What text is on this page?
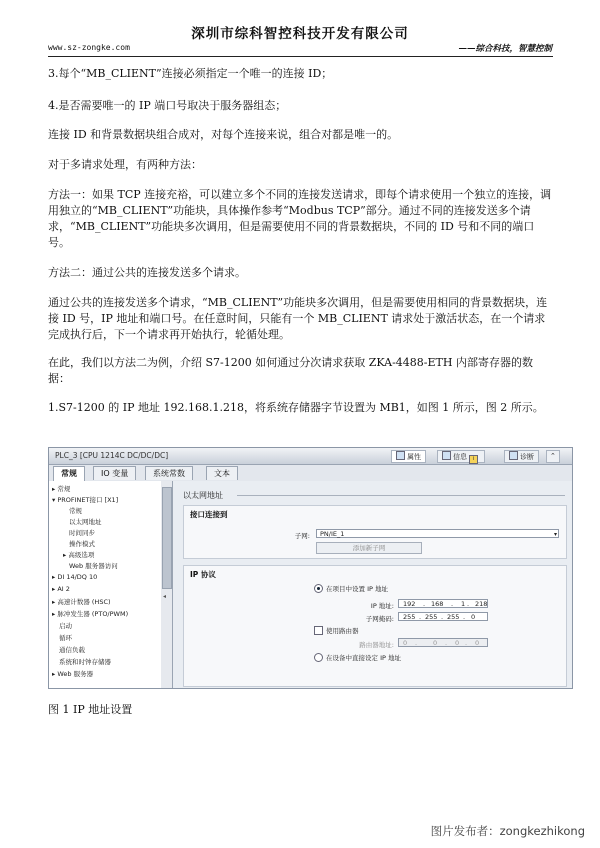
深圳市综科智控科技开发有限公司
www.sz-zongke.com	——综合科技，智慧控制
3.每个“MB_CLIENT”连接必须指定一个唯一的连接 ID；
4.是否需要唯一的 IP 端口号取决于服务器组态；
连接 ID 和背景数据块组合成对，对每个连接来说，组合对都是唯一的。
对于多请求处理，有两种方法：
方法一：如果 TCP 连接充裕，可以建立多个不同的连接发送请求，即每个请求使用一个独立的连接，调用独立的“MB_CLIENT”功能块，具体操作参考“Modbus TCP”部分。通过不同的连接发送多个请求，“MB_CLIENT”功能块多次调用，但是需要使用不同的背景数据块，不同的 ID 号和不同的端口号。
方法二：通过公共的连接发送多个请求。
通过公共的连接发送多个请求，“MB_CLIENT”功能块多次调用，但是需要使用相同的背景数据块，连接 ID 号，IP 地址和端口号。在任意时间，只能有一个 MB_CLIENT 请求处于激活状态，在一个请求完成执行后，下一个请求再开始执行，轮循处理。
在此，我们以方法二为例，介绍 S7-1200 如何通过分次请求获取 ZKA-4488-ETH 内部寄存器的数据：
1.S7-1200 的 IP 地址 192.168.1.218，将系统存储器字节设置为 MB1，如图 1 所示，图 2 所示。
PLC_3 [CPU 1214C DC/DC/DC]	属性	信息 i	诊断	⌃
常规	IO 变量	系统常数	文本
▸ 常规
▾ PROFINET接口 [X1]
常规
以太网地址
时间同步
操作模式
▸ 高级选项
Web 服务器访问
▸ DI 14/DQ 10
▸ AI 2
▸ 高速计数器 (HSC)
▸ 脉冲发生器 (PTO/PWM)
启动
循环
通信负载
系统和时钟存储器
▸ Web 服务器
◂
以太网地址
接口连接到
子网:	PN/IE_1	▾
添加新子网
IP 协议
在项目中设置 IP 地址
IP 地址: 192 . 168 . 1 . 218
子网掩码: 255 . 255 . 255 . 0
使用路由器
路由器地址: 0 . 0 . 0 . 0
在设备中直接设定 IP 地址
图 1 IP 地址设置
图片发布者：zongkezhikong
